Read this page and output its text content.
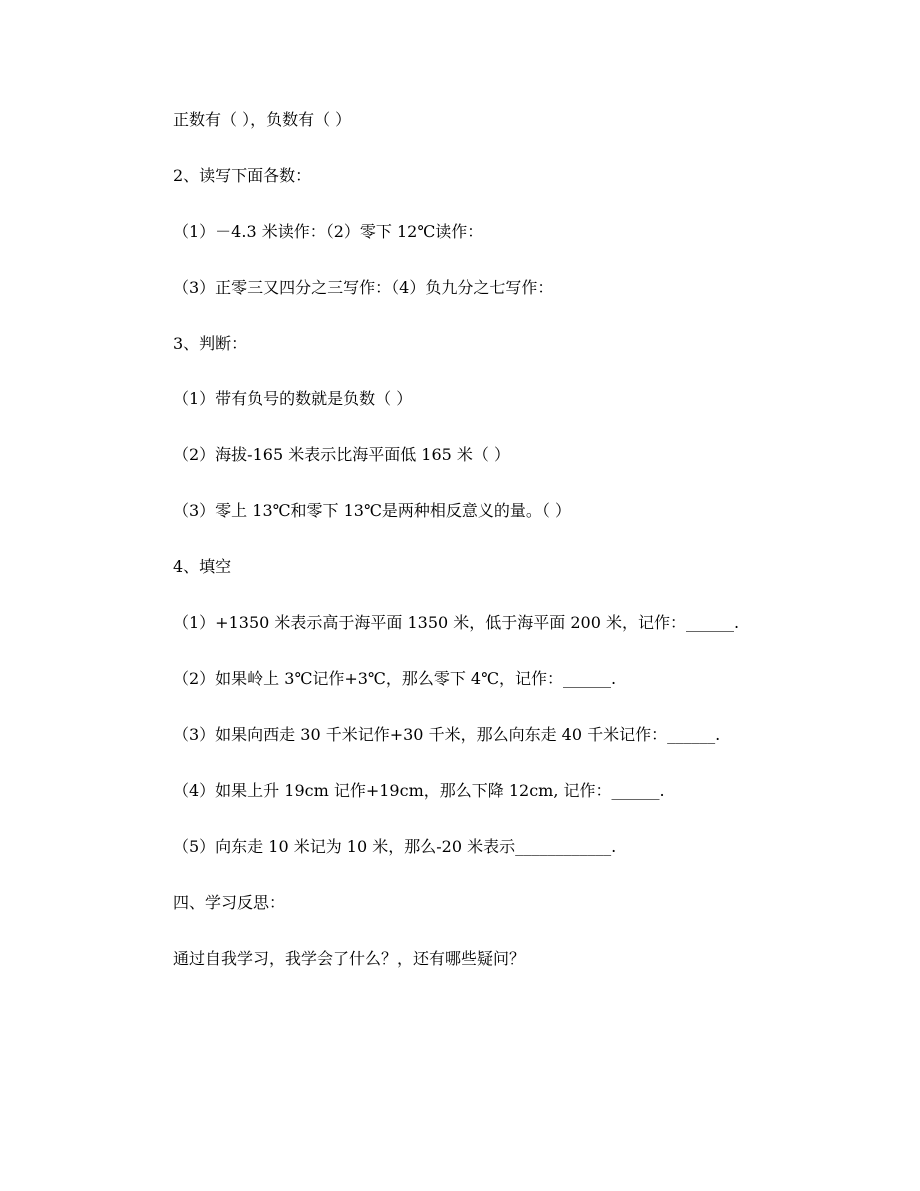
正数有（ ），负数有（ ）
2、读写下面各数：
（1）－4.3 米读作：（2）零下 12℃读作：
（3）正零三又四分之三写作：（4）负九分之七写作：
3、判断：
（1）带有负号的数就是负数（ ）
（2）海拔-165 米表示比海平面低 165 米（ ）
（3）零上 13℃和零下 13℃是两种相反意义的量。（ ）
4、填空
（1）+1350 米表示高于海平面 1350 米，低于海平面 200 米，记作：______.
（2）如果岭上 3℃记作+3℃，那么零下 4℃，记作：______.
（3）如果向西走 30 千米记作+30 千米，那么向东走 40 千米记作：______.
（4）如果上升 19cm 记作+19cm，那么下降 12cm, 记作：______.
（5）向东走 10 米记为 10 米，那么-20 米表示____________.
四、学习反思：
通过自我学习，我学会了什么？，还有哪些疑问？
